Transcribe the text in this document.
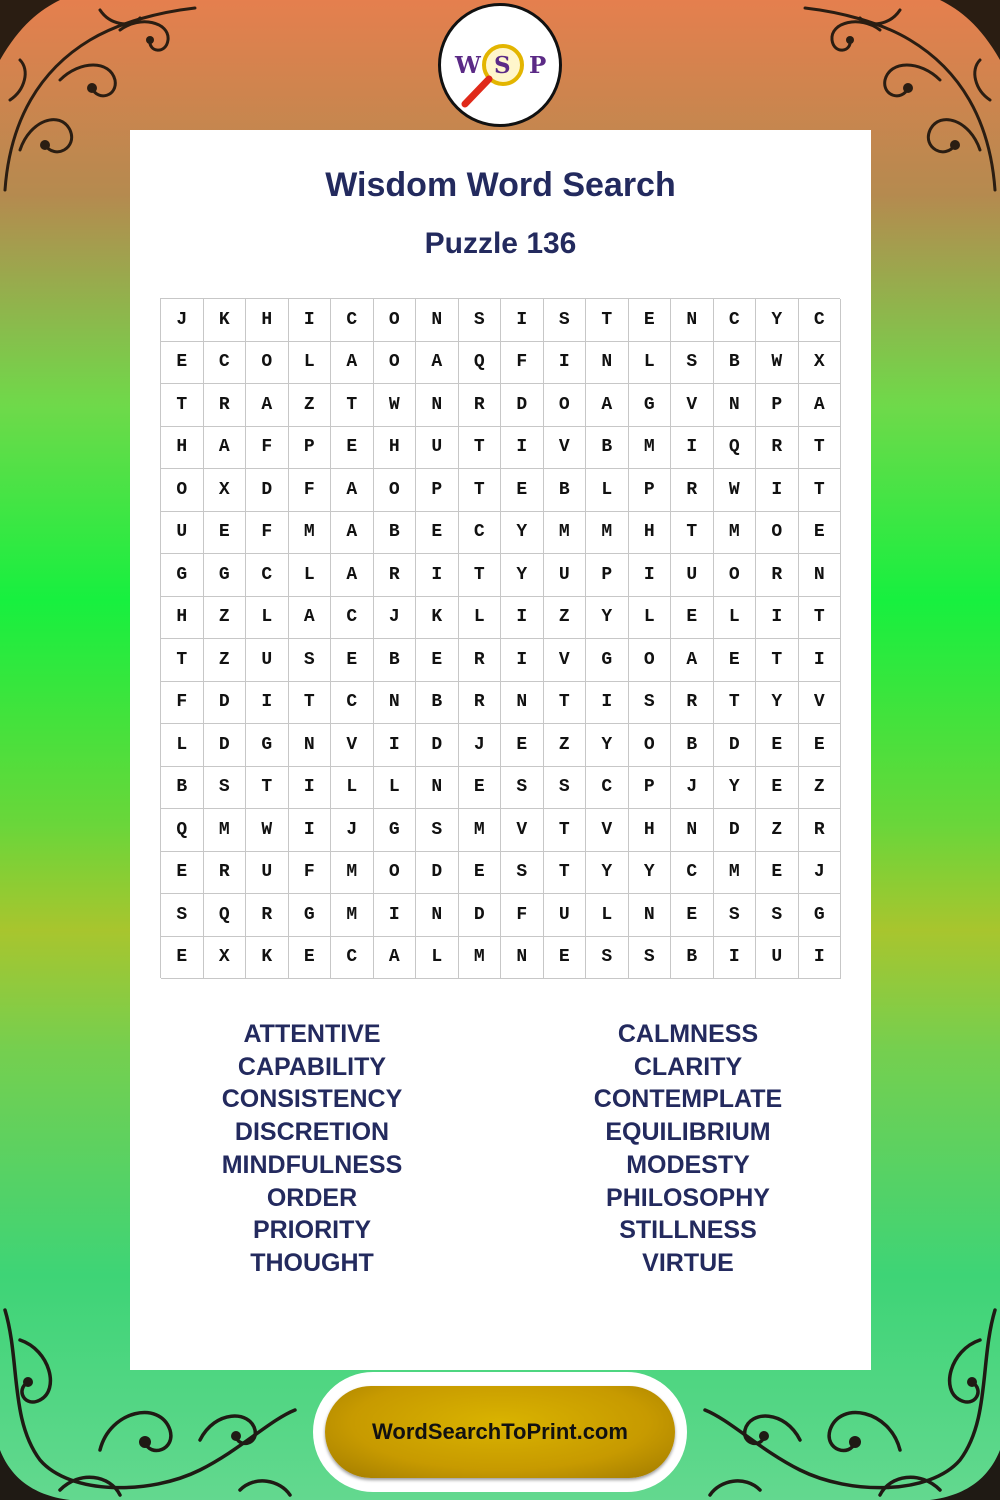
W S P
Wisdom Word Search
Puzzle 136
J	K	H	I	C	O	N	S	I	S	T	E	N	C	Y	C
E	C	O	L	A	O	A	Q	F	I	N	L	S	B	W	X
T	R	A	Z	T	W	N	R	D	O	A	G	V	N	P	A
H	A	F	P	E	H	U	T	I	V	B	M	I	Q	R	T
O	X	D	F	A	O	P	T	E	B	L	P	R	W	I	T
U	E	F	M	A	B	E	C	Y	M	M	H	T	M	O	E
G	G	C	L	A	R	I	T	Y	U	P	I	U	O	R	N
H	Z	L	A	C	J	K	L	I	Z	Y	L	E	L	I	T
T	Z	U	S	E	B	E	R	I	V	G	O	A	E	T	I
F	D	I	T	C	N	B	R	N	T	I	S	R	T	Y	V
L	D	G	N	V	I	D	J	E	Z	Y	O	B	D	E	E
B	S	T	I	L	L	N	E	S	S	C	P	J	Y	E	Z
Q	M	W	I	J	G	S	M	V	T	V	H	N	D	Z	R
E	R	U	F	M	O	D	E	S	T	Y	Y	C	M	E	J
S	Q	R	G	M	I	N	D	F	U	L	N	E	S	S	G
E	X	K	E	C	A	L	M	N	E	S	S	B	I	U	I
ATTENTIVE
CAPABILITY
CONSISTENCY
DISCRETION
MINDFULNESS
ORDER
PRIORITY
THOUGHT
CALMNESS
CLARITY
CONTEMPLATE
EQUILIBRIUM
MODESTY
PHILOSOPHY
STILLNESS
VIRTUE
WordSearchToPrint.com
